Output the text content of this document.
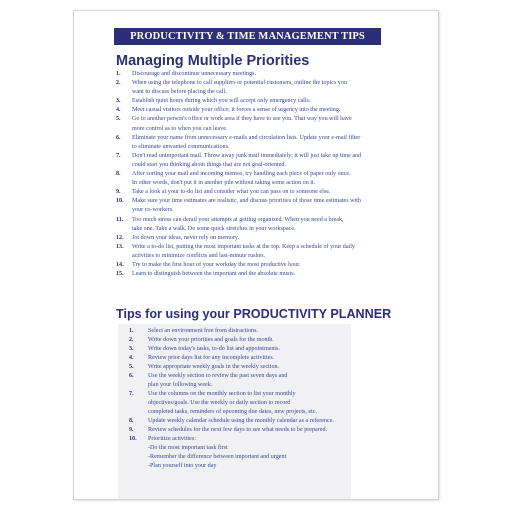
PRODUCTIVITY & TIME MANAGEMENT TIPS
Managing Multiple Priorities
1. Discourage and discontinue unnecessary meetings.
2. When using the telephone to call suppliers or potential customers, outline the topics you
want to discuss before placing the call.
3. Establish quiet hours during which you will accept only emergency calls.
4. Meet casual visitors outside your office; it forces a sense of urgency into the meeting.
5. Go to another person's office or work area if they have to see you. That way you will have
more control as to when you can leave.
6. Eliminate your name from unnecessary e-mails and circulation lists. Update your e-mail filter
to eliminate unwanted communications.
7. Don't read unimportant mail. Throw away junk mail immediately; it will just take up time and
could start you thinking about things that are not goal-oriented.
8. After sorting your mail and incoming memos, try handling each piece of paper only once.
In other words, don't put it in another pile without taking some action on it.
9. Take a look at your to-do list and consider what you can pass on to someone else.
10. Make sure your time estimates are realistic, and discuss priorities of those time estimates with
your co-workers.
11. Too much stress can derail your attempts at getting organized. When you need a break,
take one. Take a walk. Do some quick stretches in your workspace.
12. Jot down your ideas, never rely on memory.
13. Write a to-do list, putting the most important tasks at the top. Keep a schedule of your daily
activities to minimize conflicts and last-minute rushes.
14. Try to make the first hour of your workday the most productive hour.
15. Learn to distinguish between the important and the absolute musts.
Tips for using your PRODUCTIVITY PLANNER
1. Select an environment free from distractions.
2. Write down your priorities and goals for the month.
3. Write down today's tasks, to-do list and appointments.
4. Review prior days list for any incomplete activities.
5. Write appropriate weekly goals in the weekly section.
6. Use the weekly section to review the past seven days and
plan your following week.
7. Use the columns on the monthly section to list your monthly
objectives/goals. Use the weekly or daily section to record
completed tasks, reminders of upcoming due dates, new projects, etc.
8. Update weekly calendar schedule using the monthly calendar as a reference.
9. Review schedules for the next few days to see what needs to be prepared.
10. Prioritize activities:
-Do the most important task first
-Remember the difference between important and urgent
-Plan yourself into your day
